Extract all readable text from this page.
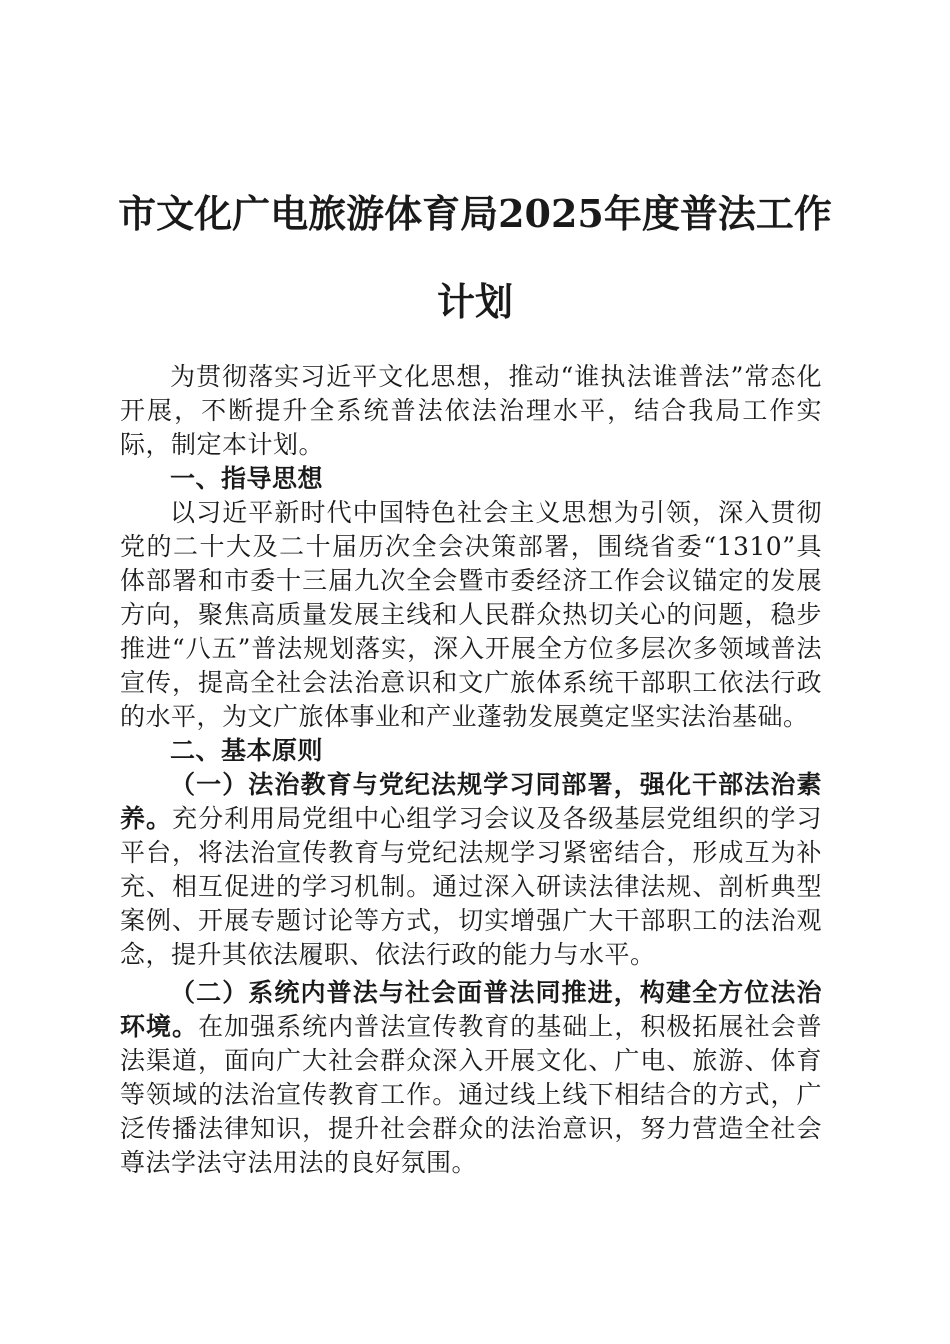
市文化广电旅游体育局2025年度普法工作计划

为贯彻落实习近平文化思想，推动“谁执法谁普法”常态化开展，不断提升全系统普法依法治理水平，结合我局工作实际，制定本计划。

一、指导思想

以习近平新时代中国特色社会主义思想为引领，深入贯彻党的二十大及二十届历次全会决策部署，围绕省委“1310”具体部署和市委十三届九次全会暨市委经济工作会议锚定的发展方向，聚焦高质量发展主线和人民群众热切关心的问题，稳步推进“八五”普法规划落实，深入开展全方位多层次多领域普法宣传，提高全社会法治意识和文广旅体系统干部职工依法行政的水平，为文广旅体事业和产业蓬勃发展奠定坚实法治基础。

二、基本原则

（一）法治教育与党纪法规学习同部署，强化干部法治素养。充分利用局党组中心组学习会议及各级基层党组织的学习平台，将法治宣传教育与党纪法规学习紧密结合，形成互为补充、相互促进的学习机制。通过深入研读法律法规、剖析典型案例、开展专题讨论等方式，切实增强广大干部职工的法治观念，提升其依法履职、依法行政的能力与水平。

（二）系统内普法与社会面普法同推进，构建全方位法治环境。在加强系统内普法宣传教育的基础上，积极拓展社会普法渠道，面向广大社会群众深入开展文化、广电、旅游、体育等领域的法治宣传教育工作。通过线上线下相结合的方式，广泛传播法律知识，提升社会群众的法治意识，努力营造全社会尊法学法守法用法的良好氛围。
